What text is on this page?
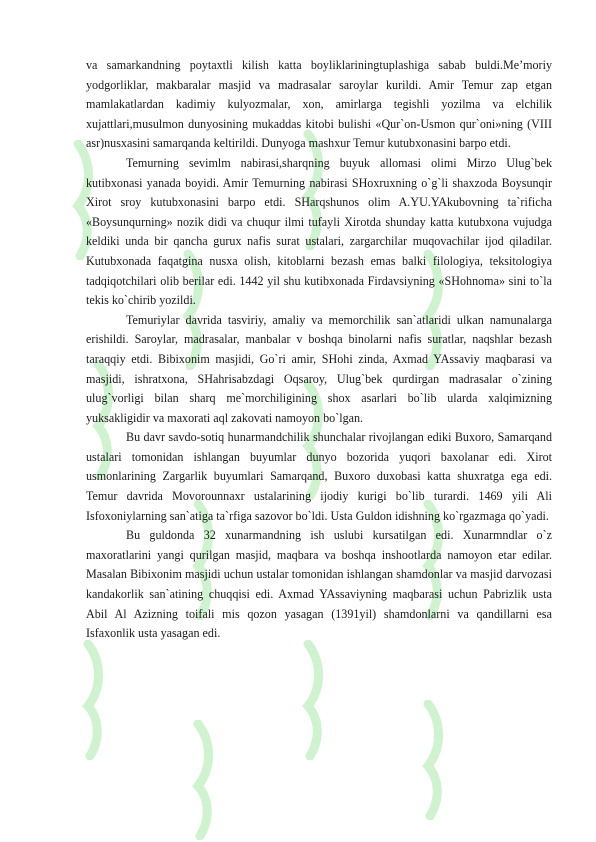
va samarkandning poytaxtli kilish katta boyliklariningtuplashiga sabab buldi.Me’moriy yodgorliklar, makbaralar masjid va madrasalar saroylar kurildi. Amir Temur zap etgan mamlakatlardan kadimiy kulyozmalar, xon, amirlarga tegishli yozilma va elchilik xujattlari,musulmon dunyosining mukaddas kitobi bulishi «Qur`on-Usmon qur`oni»ning (VIII asr)nusxasini samarqanda keltirildi. Dunyoga mashxur Temur kutubxonasini barpo etdi.

Temurning sevimlm nabirasi,sharqning buyuk allomasi olimi Mirzo Ulug`bek kutibxonasi yanada boyidi. Amir Temurning nabirasi SHoxruxning o`g`li shaxzoda Boysunqir Xirot sroy kutubxonasini barpo etdi. SHarqshunos olim A.YU.YAkubovning ta`rificha «Boysunqurning» nozik didi va chuqur ilmi tufayli Xirotda shunday katta kutubxona vujudga keldiki unda bir qancha gurux nafis surat ustalari, zargarchilar muqovachilar ijod qiladilar. Kutubxonada faqatgina nusxa olish, kitoblarni bezash emas balki filologiya, teksitologiya tadqiqotchilari olib berilar edi. 1442 yil shu kutibxonada Firdavsiyning «SHohnoma» sini to`la tekis ko`chirib yozildi.

Temuriylar davrida tasviriy, amaliy va memorchilik san`atlaridi ulkan namunalarga erishildi. Saroylar, madrasalar, manbalar v boshqa binolarni nafis suratlar, naqshlar bezash taraqqiy etdi. Bibixonim masjidi, Go`ri amir, SHohi zinda, Axmad YAssaviy maqbarasi va masjidi, ishratxona, SHahrisabzdagi Oqsaroy, Ulug`bek qurdirgan madrasalar o`zining ulug`vorligi bilan sharq me`morchiligining shox asarlari bo`lib ularda xalqimizning yuksakligidir va maxorati aql zakovati namoyon bo`lgan.

Bu davr savdo-sotiq hunarmandchilik shunchalar rivojlangan ediki Buxoro, Samarqand ustalari tomonidan ishlangan buyumlar dunyo bozorida yuqori baxolanar edi. Xirot usmonlarining Zargarlik buyumlari Samarqand, Buxoro duxobasi katta shuxratga ega edi. Temur davrida Movorounnaxr ustalarining ijodiy kurigi bo`lib turardi. 1469 yili Ali Isfoxoniylarning san`atiga ta`rfiga sazovor bo`ldi. Usta Guldon idishning ko`rgazmaga qo`yadi.

Bu guldonda 32 xunarmandning ish uslubi kursatilgan edi. Xunarmndlar o`z maxoratlarini yangi qurilgan masjid, maqbara va boshqa inshootlarda namoyon etar edilar. Masalan Bibixonim masjidi uchun ustalar tomonidan ishlangan shamdonlar va masjid darvozasi kandakorlik san`atining chuqqisi edi. Axmad YAssaviyning maqbarasi uchun Pabrizlik usta Abil Al Azizning toifali mis qozon yasagan (1391yil) shamdonlarni va qandillarni esa Isfaxonlik usta yasagan edi.
